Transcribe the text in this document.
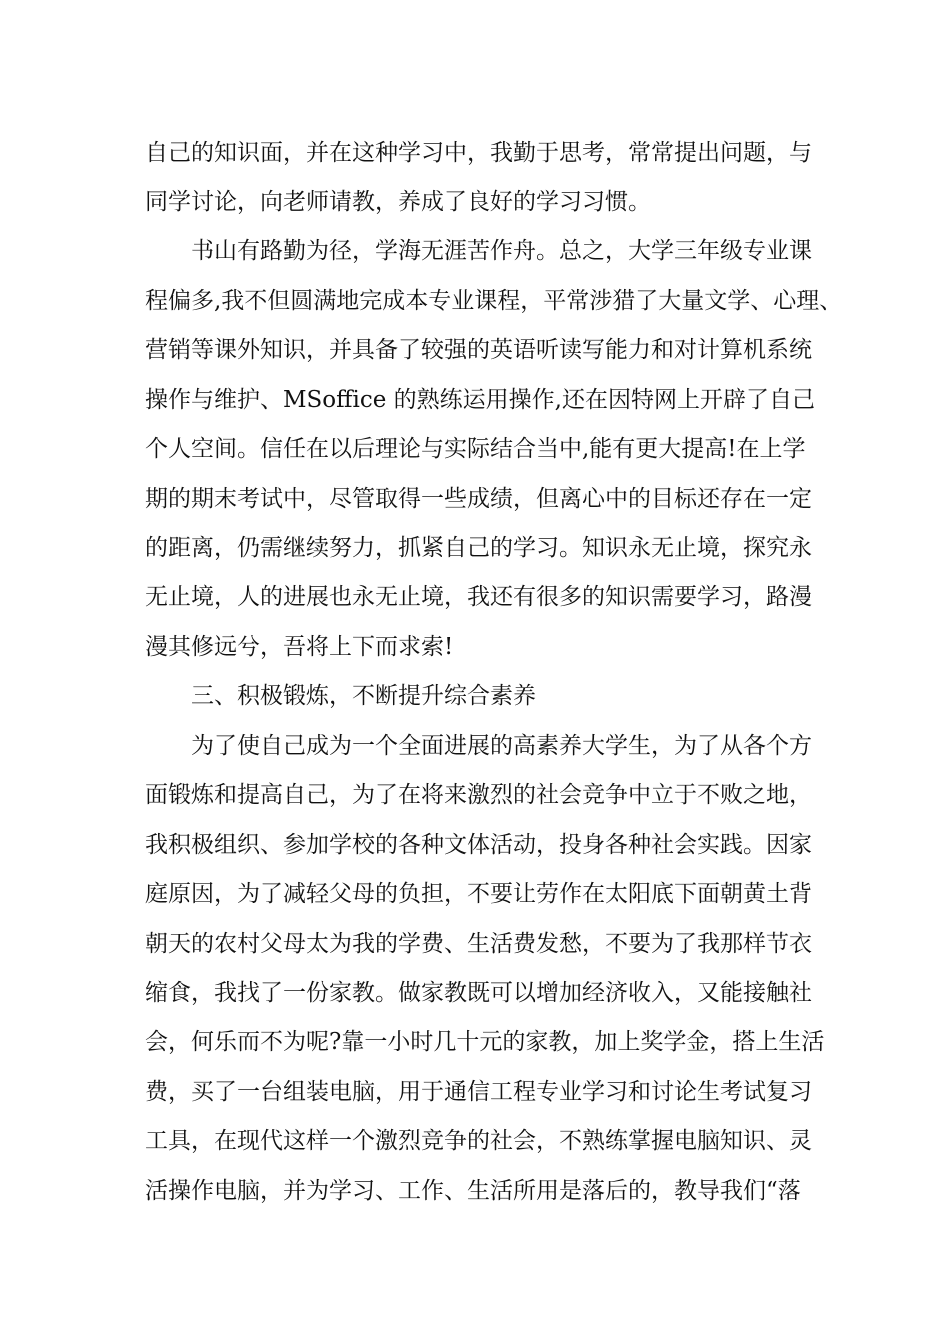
自己的知识面，并在这种学习中，我勤于思考，常常提出问题，与
同学讨论，向老师请教，养成了良好的学习习惯。
书山有路勤为径，学海无涯苦作舟。总之，大学三年级专业课
程偏多,我不但圆满地完成本专业课程，平常涉猎了大量文学、心理、
营销等课外知识，并具备了较强的英语听读写能力和对计算机系统
操作与维护、MSoffice 的熟练运用操作,还在因特网上开辟了自己
个人空间。信任在以后理论与实际结合当中,能有更大提高!在上学
期的期末考试中，尽管取得一些成绩，但离心中的目标还存在一定
的距离，仍需继续努力，抓紧自己的学习。知识永无止境，探究永
无止境，人的进展也永无止境，我还有很多的知识需要学习，路漫
漫其修远兮，吾将上下而求索!
三、积极锻炼，不断提升综合素养
为了使自己成为一个全面进展的高素养大学生，为了从各个方
面锻炼和提高自己，为了在将来激烈的社会竞争中立于不败之地，
我积极组织、参加学校的各种文体活动，投身各种社会实践。因家
庭原因，为了减轻父母的负担，不要让劳作在太阳底下面朝黄土背
朝天的农村父母太为我的学费、生活费发愁，不要为了我那样节衣
缩食，我找了一份家教。做家教既可以增加经济收入，又能接触社
会，何乐而不为呢?靠一小时几十元的家教，加上奖学金，搭上生活
费，买了一台组装电脑，用于通信工程专业学习和讨论生考试复习
工具，在现代这样一个激烈竞争的社会，不熟练掌握电脑知识、灵
活操作电脑，并为学习、工作、生活所用是落后的，教导我们“落
